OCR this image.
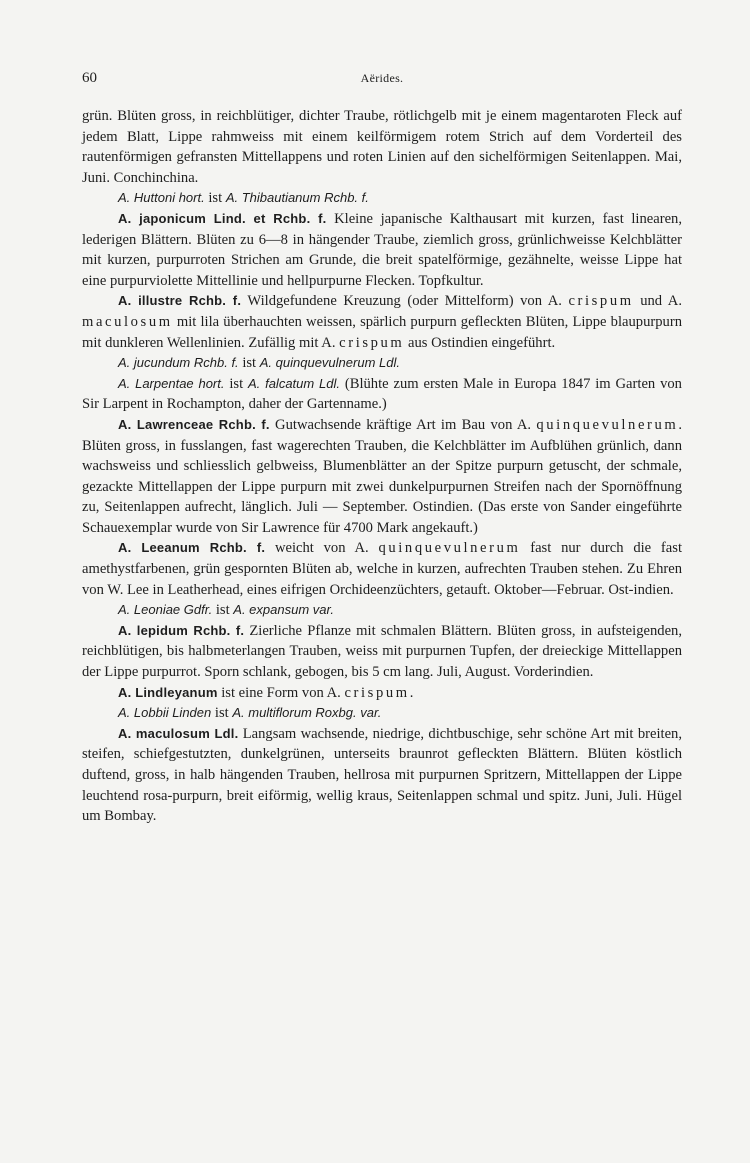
60	Aërides.

grün. Blüten gross, in reichblütiger, dichter Traube, rötlichgelb mit je einem magentaroten Fleck auf jedem Blatt, Lippe rahmweiss mit einem keilförmigem rotem Strich auf dem Vorderteil des rautenförmigen gefransten Mittellappens und roten Linien auf den sichelförmigen Seitenlappen. Mai, Juni. Conchinchina.

A. Huttoni hort. ist A. Thibautianum Rchb. f.

A. japonicum Lind. et Rchb. f. Kleine japanische Kalthausart mit kurzen, fast linearen, lederigen Blättern. Blüten zu 6—8 in hängender Traube, ziemlich gross, grünlichweisse Kelchblätter mit kurzen, purpurroten Strichen am Grunde, die breit spatelförmige, gezähnelte, weisse Lippe hat eine purpurviolette Mittellinie und hellpurpurne Flecken. Topfkultur.

A. illustre Rchb. f. Wildgefundene Kreuzung (oder Mittelform) von A. crispum und A. maculosum mit lila überhauchten weissen, spärlich purpurn gefleckten Blüten, Lippe blaupurpurn mit dunkleren Wellenlinien. Zufällig mit A. crispum aus Ostindien eingeführt.

A. jucundum Rchb. f. ist A. quinquevulnerum Ldl.

A. Larpentae hort. ist A. falcatum Ldl. (Blühte zum ersten Male in Europa 1847 im Garten von Sir Larpent in Rochampton, daher der Gartenname.)

A. Lawrenceae Rchb. f. Gutwachsende kräftige Art im Bau von A. quinquevulnerum. Blüten gross, in fusslangen, fast wagerechten Trauben, die Kelchblätter im Aufblühen grünlich, dann wachsweiss und schliesslich gelbweiss, Blumenblätter an der Spitze purpurn getuscht, der schmale, gezackte Mittellappen der Lippe purpurn mit zwei dunkelpurpurnen Streifen nach der Spornöffnung zu, Seitenlappen aufrecht, länglich. Juli — September. Ostindien. (Das erste von Sander eingeführte Schauexemplar wurde von Sir Lawrence für 4700 Mark angekauft.)

A. Leeanum Rchb. f. weicht von A. quinquevulnerum fast nur durch die fast amethystfarbenen, grün gespornten Blüten ab, welche in kurzen, aufrechten Trauben stehen. Zu Ehren von W. Lee in Leatherhead, eines eifrigen Orchideenzüchters, getauft. Oktober—Februar. Ost-indien.

A. Leoniae Gdfr. ist A. expansum var.

A. lepidum Rchb. f. Zierliche Pflanze mit schmalen Blättern. Blüten gross, in aufsteigenden, reichblütigen, bis halbmeterlangen Trauben, weiss mit purpurnen Tupfen, der dreieckige Mittellappen der Lippe purpurrot. Sporn schlank, gebogen, bis 5 cm lang. Juli, August. Vorderindien.

A. Lindleyanum ist eine Form von A. crispum.

A. Lobbii Linden ist A. multiflorum Roxbg. var.

A. maculosum Ldl. Langsam wachsende, niedrige, dichtbuschige, sehr schöne Art mit breiten, steifen, schiefgestutzten, dunkelgrünen, unterseits braunrot gefleckten Blättern. Blüten köstlich duftend, gross, in halb hängenden Trauben, hellrosa mit purpurnen Spritzern, Mittellappen der Lippe leuchtend rosa-purpurn, breit eiförmig, wellig kraus, Seitenlappen schmal und spitz. Juni, Juli. Hügel um Bombay.
